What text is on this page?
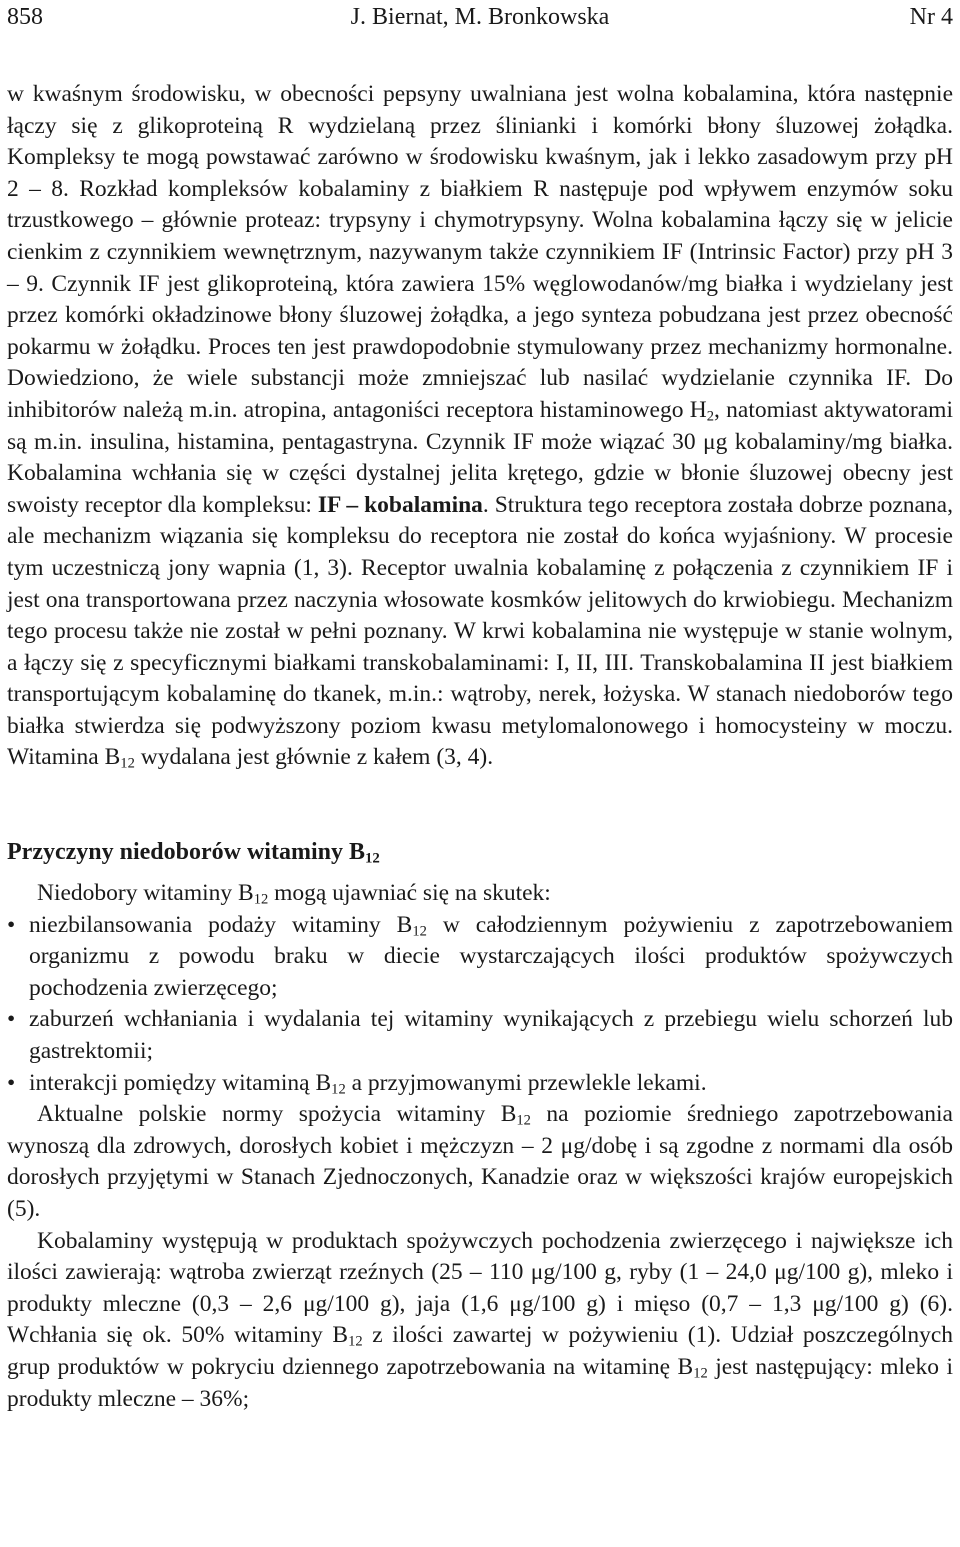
858	J. Biernat, M. Bronkowska	Nr 4

w kwaśnym środowisku, w obecności pepsyny uwalniana jest wolna kobalamina, która następnie łączy się z glikoproteiną R wydzielaną przez ślinianki i komórki błony śluzowej żołądka. Kompleksy te mogą powstawać zarówno w środowisku kwaśnym, jak i lekko zasadowym przy pH 2 – 8. Rozkład kompleksów kobalaminy z białkiem R następuje pod wpływem enzymów soku trzustkowego – głównie proteaz: trypsyny i chymotrypsyny. Wolna kobalamina łączy się w jelicie cienkim z czynnikiem wewnętrznym, nazywanym także czynnikiem IF (Intrinsic Factor) przy pH 3 – 9. Czynnik IF jest glikoproteiną, która zawiera 15% węglowodanów/mg białka i wydzielany jest przez komórki okładzinowe błony śluzowej żołądka, a jego synteza pobudzana jest przez obecność pokarmu w żołądku. Proces ten jest prawdopodobnie stymulowany przez mechanizmy hormonalne. Dowiedziono, że wiele substancji może zmniejszać lub nasilać wydzielanie czynnika IF. Do inhibitorów należą m.in. atropina, antagoniści receptora histaminowego $H_2$, natomiast aktywatorami są m.in. insulina, histamina, pentagastryna. Czynnik IF może wiązać 30 μg kobalaminy/mg białka. Kobalamina wchłania się w części dystalnej jelita krętego, gdzie w błonie śluzowej obecny jest swoisty receptor dla kompleksu: IF – kobalamina. Struktura tego receptora została dobrze poznana, ale mechanizm wiązania się kompleksu do receptora nie został do końca wyjaśniony. W procesie tym uczestniczą jony wapnia (1, 3). Receptor uwalnia kobalaminę z połączenia z czynnikiem IF i jest ona transportowana przez naczynia włosowate kosmków jelitowych do krwiobiegu. Mechanizm tego procesu także nie został w pełni poznany. W krwi kobalamina nie występuje w stanie wolnym, a łączy się z specyficznymi białkami transkobalaminami: I, II, III. Transkobalamina II jest białkiem transportującym kobalaminę do tkanek, m.in.: wątroby, nerek, łożyska. W stanach niedoborów tego białka stwierdza się podwyższony poziom kwasu metylomalonowego i homocysteiny w moczu. Witamina $B_{12}$ wydalana jest głównie z kałem (3, 4).

Przyczyny niedoborów witaminy $B_{12}$

Niedobory witaminy $B_{12}$ mogą ujawniać się na skutek:

• niezbilansowania podaży witaminy $B_{12}$ w całodziennym pożywieniu z zapotrzebowaniem organizmu z powodu braku w diecie wystarczających ilości produktów spożywczych pochodzenia zwierzęcego;
• zaburzeń wchłaniania i wydalania tej witaminy wynikających z przebiegu wielu schorzeń lub gastrektomii;
• interakcji pomiędzy witaminą $B_{12}$ a przyjmowanymi przewlekle lekami.

Aktualne polskie normy spożycia witaminy $B_{12}$ na poziomie średniego zapotrzebowania wynoszą dla zdrowych, dorosłych kobiet i mężczyzn – 2 μg/dobę i są zgodne z normami dla osób dorosłych przyjętymi w Stanach Zjednoczonych, Kanadzie oraz w większości krajów europejskich (5).

Kobalaminy występują w produktach spożywczych pochodzenia zwierzęcego i największe ich ilości zawierają: wątroba zwierząt rzeźnych (25 – 110 μg/100 g, ryby (1 – 24,0 μg/100 g), mleko i produkty mleczne (0,3 – 2,6 μg/100 g), jaja (1,6 μg/100 g) i mięso (0,7 – 1,3 μg/100 g) (6). Wchłania się ok. 50% witaminy $B_{12}$ z ilości zawartej w pożywieniu (1). Udział poszczególnych grup produktów w pokryciu dziennego zapotrzebowania na witaminę $B_{12}$ jest następujący: mleko i produkty mleczne – 36%;
